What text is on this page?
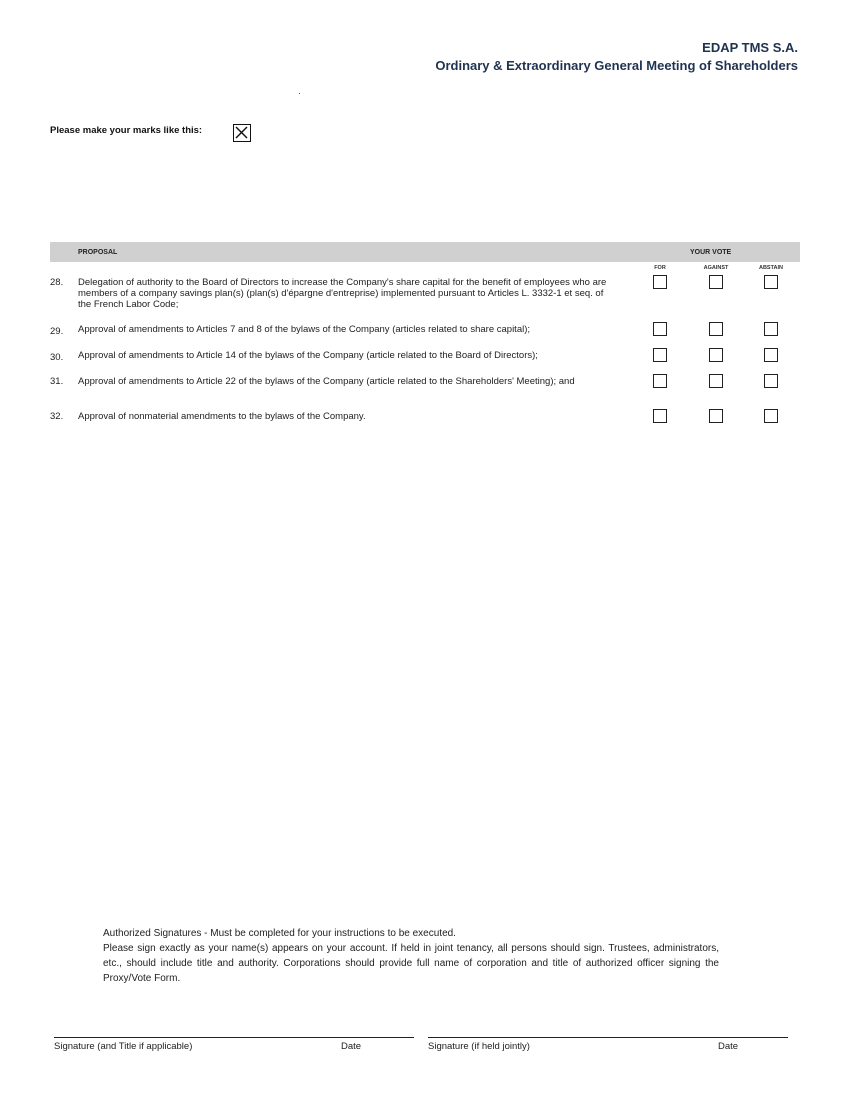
EDAP TMS S.A.
Ordinary & Extraordinary General Meeting of Shareholders
Please make your marks like this:
PROPOSAL	YOUR VOTE
FOR	AGAINST	ABSTAIN
28. Delegation of authority to the Board of Directors to increase the Company's share capital for the benefit of employees who are members of a company savings plan(s) (plan(s) d'épargne d'entreprise) implemented pursuant to Articles L. 3332-1 et seq. of the French Labor Code;
29. Approval of amendments to Articles 7 and 8 of the bylaws of the Company (articles related to share capital);
30. Approval of amendments to Article 14 of the bylaws of the Company (article related to the Board of Directors);
31. Approval of amendments to Article 22 of the bylaws of the Company (article related to the Shareholders' Meeting); and
32. Approval of nonmaterial amendments to the bylaws of the Company.

Authorized Signatures - Must be completed for your instructions to be executed.

Please sign exactly as your name(s) appears on your account. If held in joint tenancy, all persons should sign. Trustees, administrators, etc., should include title and authority. Corporations should provide full name of corporation and title of authorized officer signing the Proxy/Vote Form.

Signature (and Title if applicable)	Date	Signature (if held jointly)	Date
